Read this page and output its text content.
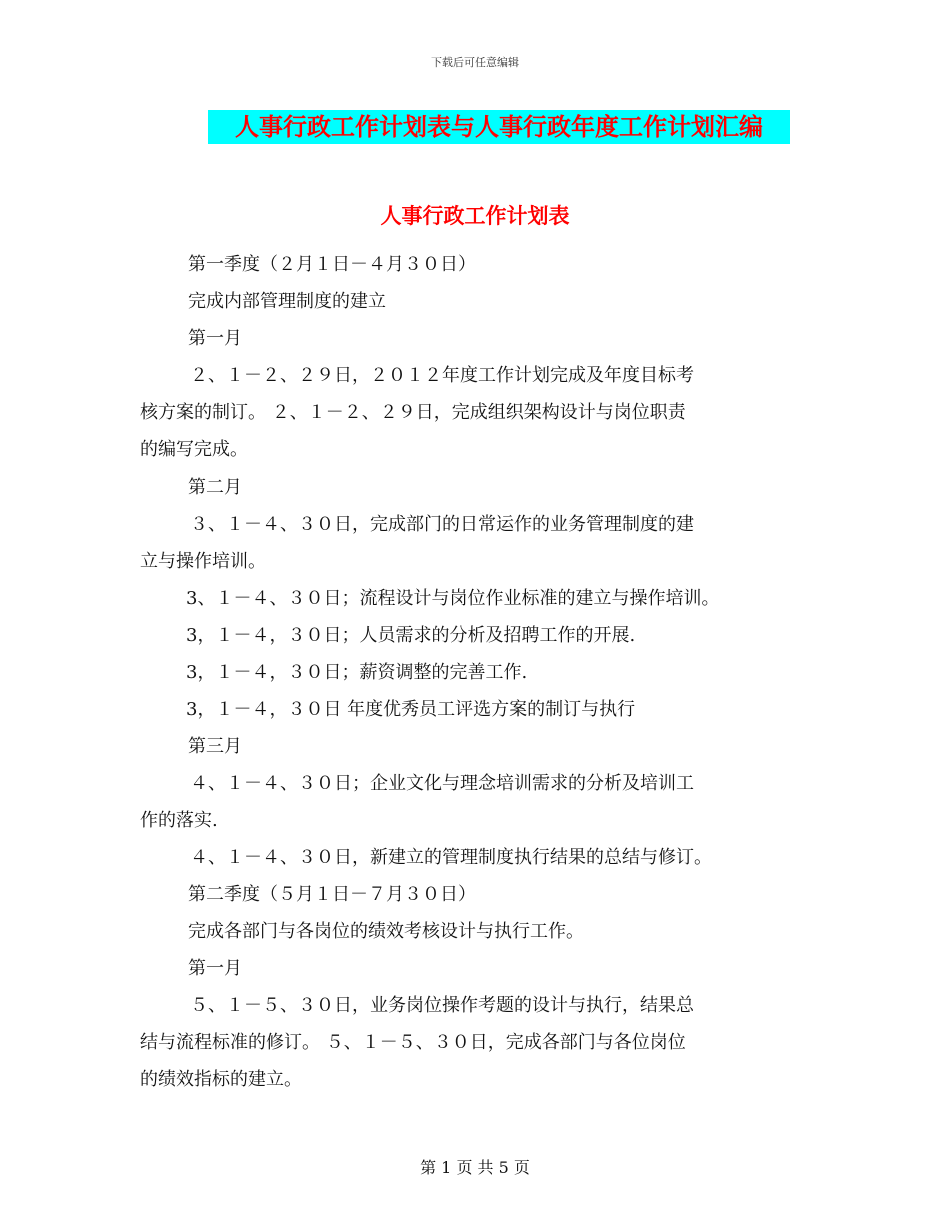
下载后可任意编辑
人事行政工作计划表与人事行政年度工作计划汇编
人事行政工作计划表
第一季度（２月１日－４月３０日）
完成内部管理制度的建立
第一月
２、１－２、２９日，２０１２年度工作计划完成及年度目标考
核方案的制订。 ２、１－２、２９日，完成组织架构设计与岗位职责
的编写完成。
第二月
３、１－４、３０日，完成部门的日常运作的业务管理制度的建
立与操作培训。
3、１－４、３０日；流程设计与岗位作业标准的建立与操作培训。
3，１－４，３０日；人员需求的分析及招聘工作的开展.
3，１－４，３０日；薪资调整的完善工作.
3，１－４，３０日 年度优秀员工评选方案的制订与执行
第三月
４、１－４、３０日；企业文化与理念培训需求的分析及培训工
作的落实.
４、１－４、３０日，新建立的管理制度执行结果的总结与修订。
第二季度（５月１日－７月３０日）
完成各部门与各岗位的绩效考核设计与执行工作。
第一月
５、１－５、３０日，业务岗位操作考题的设计与执行，结果总
结与流程标准的修订。 ５、１－５、３０日，完成各部门与各位岗位
的绩效指标的建立。
第 1 页 共 5 页
